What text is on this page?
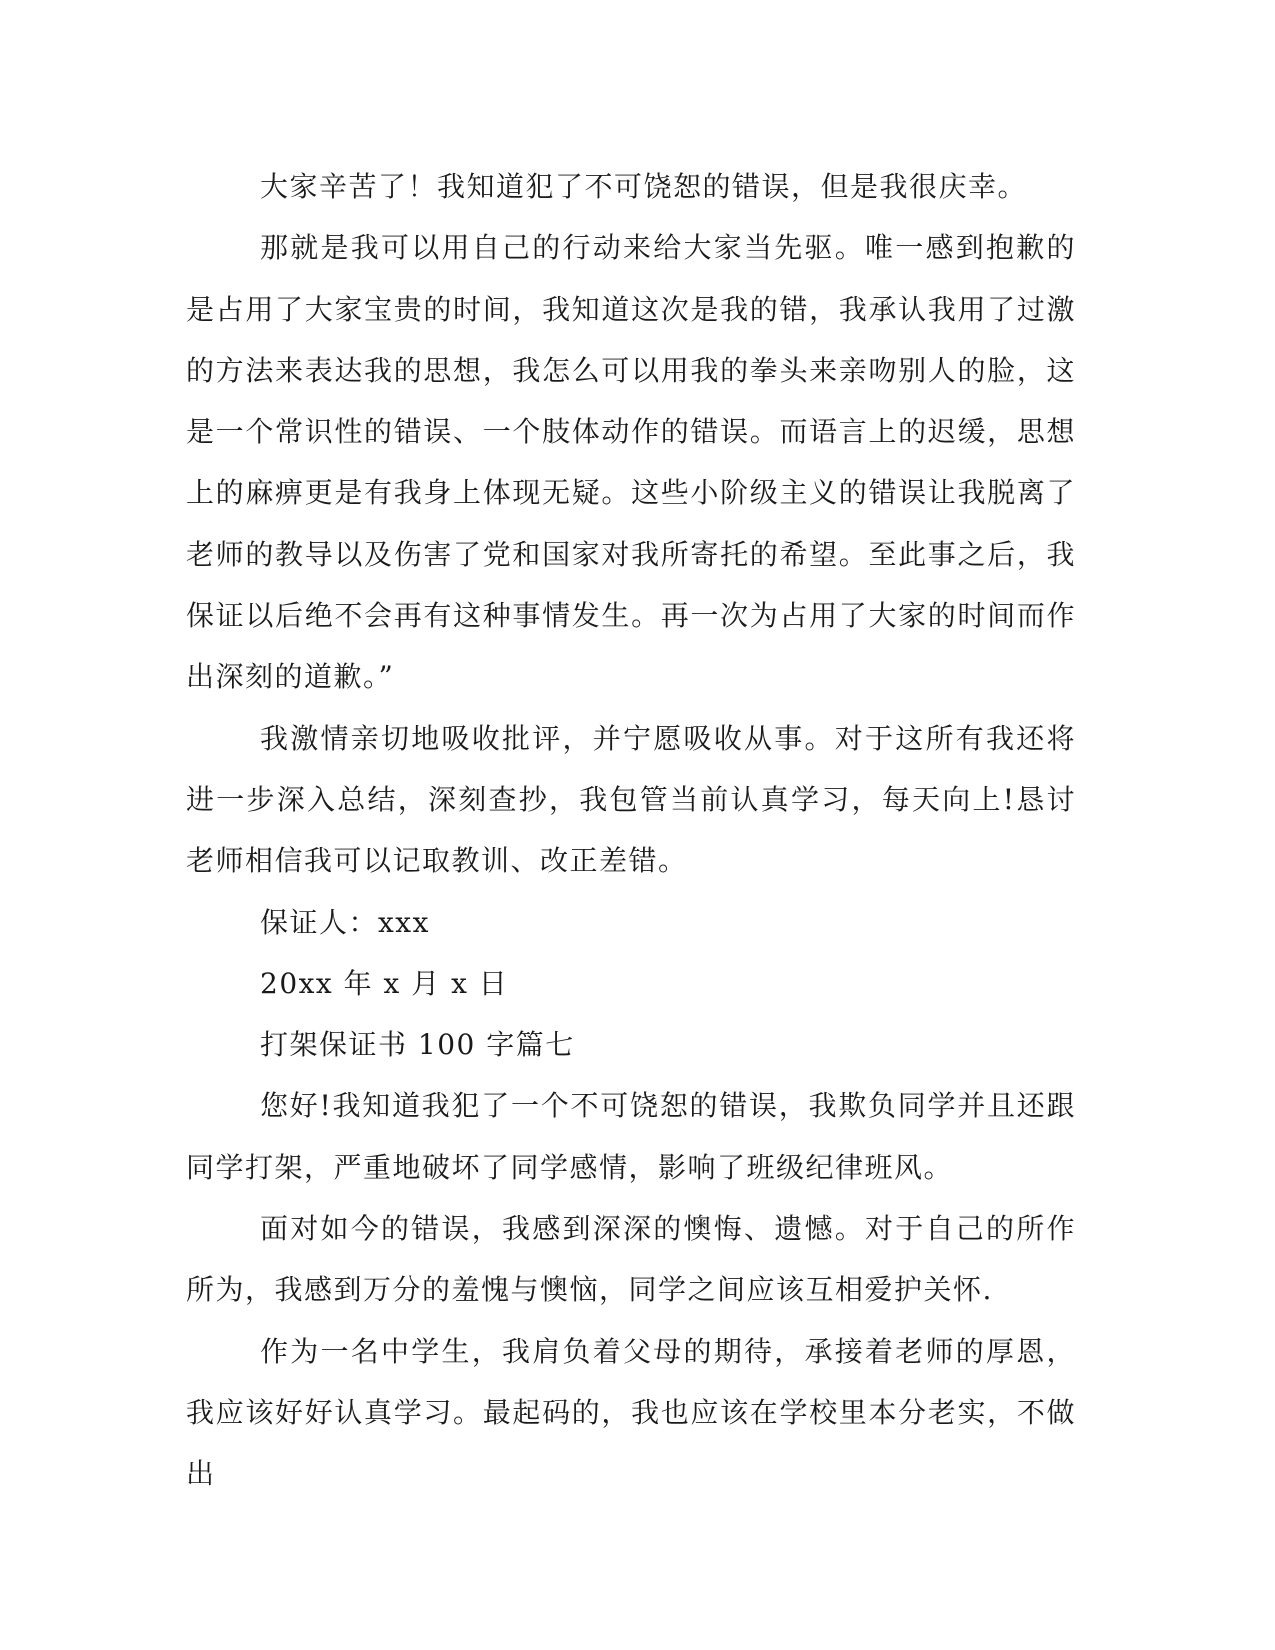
大家辛苦了！我知道犯了不可饶恕的错误，但是我很庆幸。

那就是我可以用自己的行动来给大家当先驱。唯一感到抱歉的是占用了大家宝贵的时间，我知道这次是我的错，我承认我用了过激的方法来表达我的思想，我怎么可以用我的拳头来亲吻别人的脸，这是一个常识性的错误、一个肢体动作的错误。而语言上的迟缓，思想上的麻痹更是有我身上体现无疑。这些小阶级主义的错误让我脱离了老师的教导以及伤害了党和国家对我所寄托的希望。至此事之后，我保证以后绝不会再有这种事情发生。再一次为占用了大家的时间而作出深刻的道歉。”

我激情亲切地吸收批评，并宁愿吸收从事。对于这所有我还将进一步深入总结，深刻查抄，我包管当前认真学习，每天向上!恳讨老师相信我可以记取教训、改正差错。

保证人：xxx

20xx 年 x 月 x 日

打架保证书 100 字篇七

您好!我知道我犯了一个不可饶恕的错误，我欺负同学并且还跟同学打架，严重地破坏了同学感情，影响了班级纪律班风。

面对如今的错误，我感到深深的懊悔、遗憾。对于自己的所作所为，我感到万分的羞愧与懊恼，同学之间应该互相爱护关怀.

作为一名中学生，我肩负着父母的期待，承接着老师的厚恩，我应该好好认真学习。最起码的，我也应该在学校里本分老实，不做出
